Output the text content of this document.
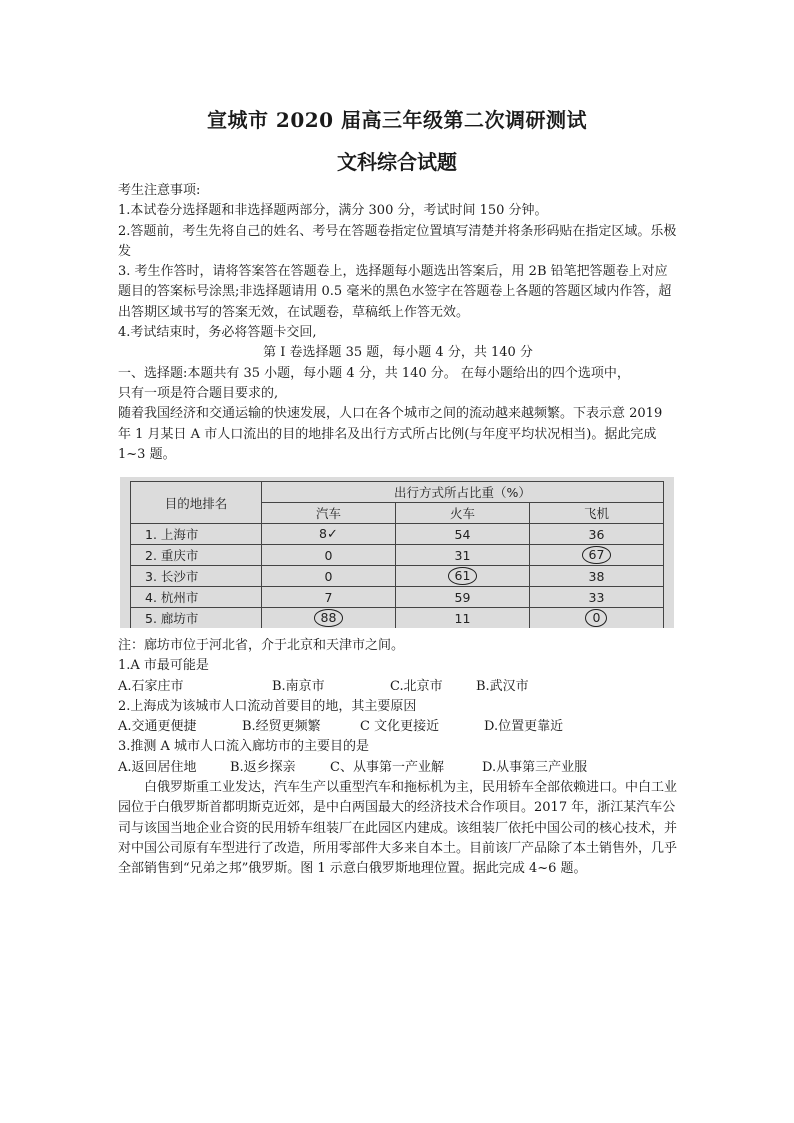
宣城市 2020 届高三年级第二次调研测试
文科综合试题

考生注意事项:

1.本试卷分选择题和非选择题两部分，满分 300 分，考试时间 150 分钟。

2.答题前，考生先将自己的姓名、考号在答题卷指定位置填写清楚并将条形码贴在指定区域。乐极发

3. 考生作答时，请将答案答在答题卷上，选择题每小题选出答案后，用 2B 铅笔把答题卷上对应题目的答案标号涂黑;非选择题请用 0.5 毫米的黑色水签字在答题卷上各题的答题区域内作答，超出答期区域书写的答案无效，在试题卷，草稿纸上作答无效。

4.考试结束时，务必将答题卡交回,

第 I 卷选择题 35 题，每小题 4 分，共 140 分

一、选择题:本题共有 35 小题，每小题 4 分，共 140 分。 在每小题给出的四个选项中，

只有一项是符合题目要求的,

随着我国经济和交通运输的快速发展，人口在各个城市之间的流动越来越频繁。下表示意 2019 年 1 月某日 A 市人口流出的目的地排名及出行方式所占比例(与年度平均状况相当)。据此完成 1~3 题。

目的地排名	出行方式所占比重（%）		
	汽车	火车	飞机
1. 上海市	8✓	54	36
2. 重庆市	0	31	67
3. 长沙市	0	61	38
4. 杭州市	7	59	33
5. 廊坊市	88	11	0

注：廊坊市位于河北省，介于北京和天津市之间。

1.A 市最可能是

A.石家庄市	B.南京市	C.北京市	B.武汉市

2.上海成为该城市人口流动首要目的地，其主要原因

A.交通更便捷	B.经贸更频繁	C 文化更接近	D.位置更靠近

3.推测 A 城市人口流入廊坊市的主要目的是

A.返回居住地	B.返乡探亲	C、从事第一产业解	D.从事第三产业服

白俄罗斯重工业发达，汽车生产以重型汽车和拖标机为主，民用轿车全部依赖进口。中白工业园位于白俄罗斯首都明斯克近郊，是中白两国最大的经济技术合作项目。2017 年，浙江某汽车公司与该国当地企业合资的民用轿车组装厂在此园区内建成。该组装厂依托中国公司的核心技术，并对中国公司原有车型进行了改造，所用零部件大多来自本土。目前该厂产品除了本土销售外，几乎全部销售到“兄弟之邦”俄罗斯。图 1 示意白俄罗斯地理位置。据此完成 4~6 题。
